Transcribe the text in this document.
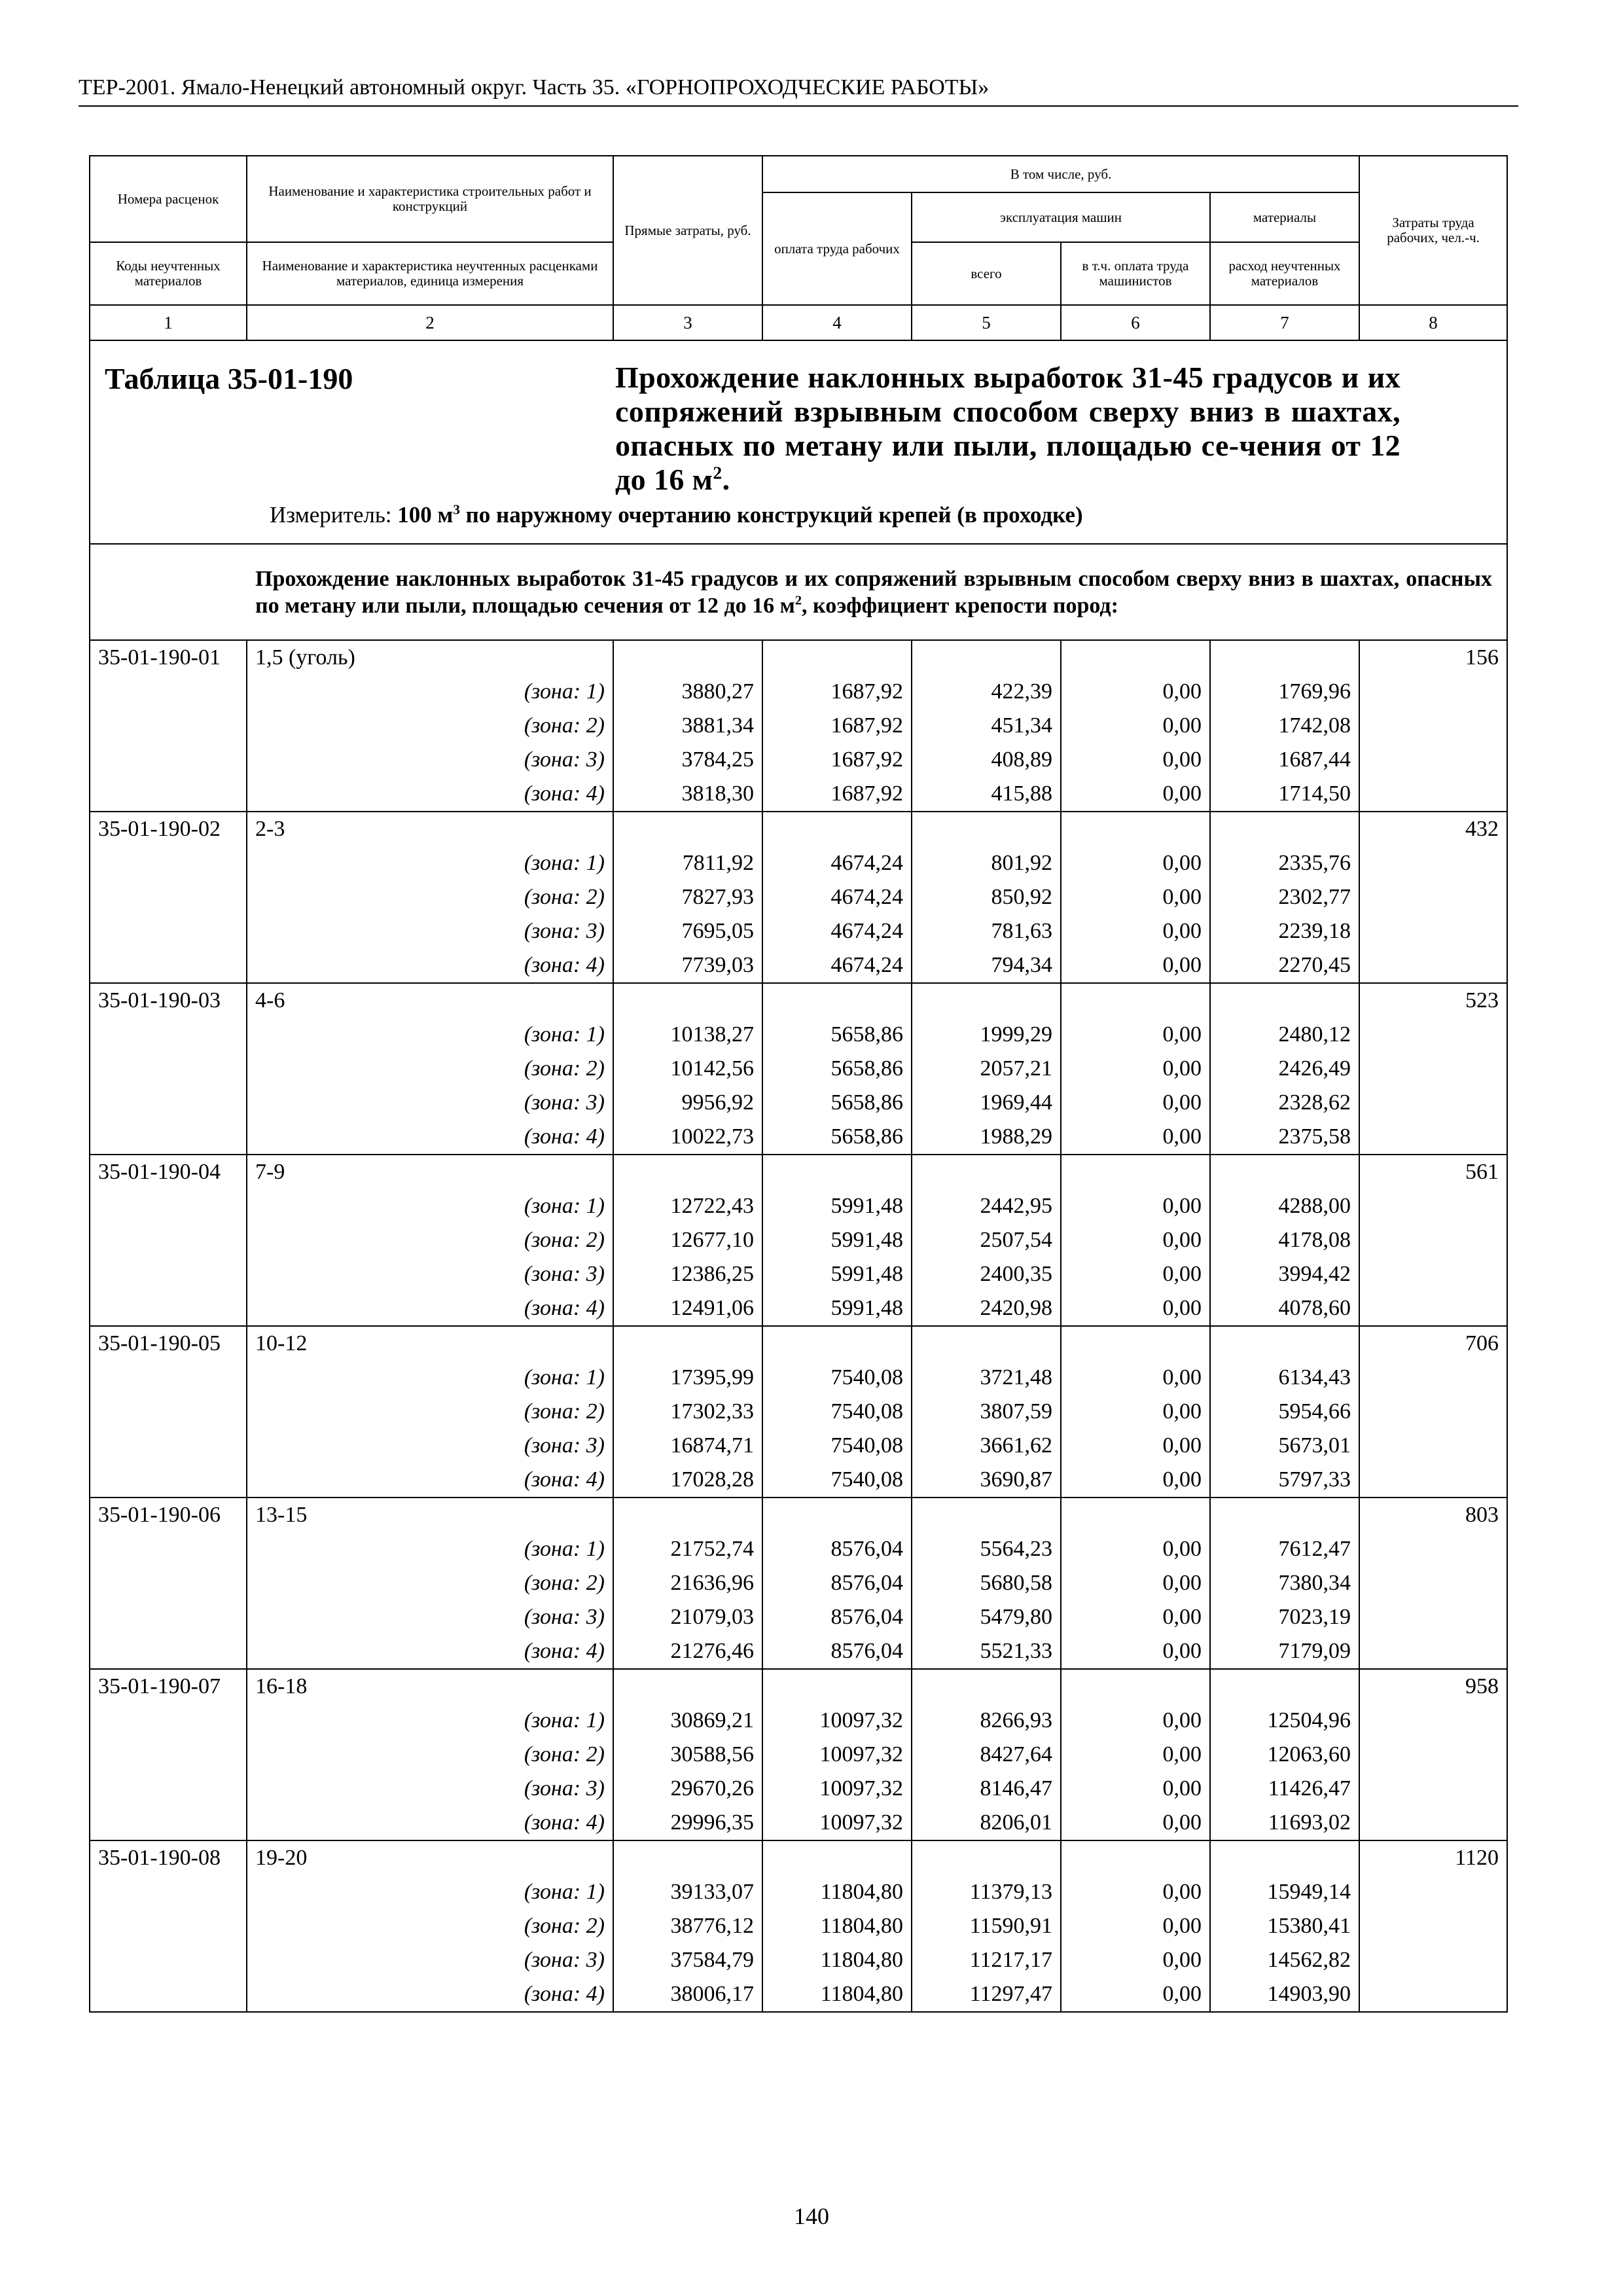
ТЕР-2001. Ямало-Ненецкий автономный округ. Часть 35. «ГОРНОПРОХОДЧЕСКИЕ РАБОТЫ»
Номера расценок	Наименование и характеристика строительных работ и конструкций	Прямые затраты, руб.	В том числе, руб.				Затраты труда рабочих, чел.-ч.
			оплата труда рабочих	эксплуатация машин		материалы	
Коды неучтенных материалов	Наименование и характеристика неучтенных расценками материалов, единица измерения			всего	в т.ч. оплата труда машинистов	расход неучтенных материалов	
1	2	3	4	5	6	7	8

Таблица 35-01-190 Прохождение наклонных выработок 31-45 градусов и их сопряжений взрывным способом сверху вниз в шахтах, опасных по метану или пыли, площадью се-чения от 12 до 16 $м^2$.
Измеритель: 100 $м^3$ по наружному очертанию конструкций крепей (в проходке)							

Прохождение наклонных выработок 31-45 градусов и их сопряжений взрывным способом сверху вниз в шахтах, опасных по метану или пыли, площадью сечения от 12 до 16 $м^2$, коэффициент крепости пород:							

35-01-190-01	1,5 (уголь)						156
	(зона: 1)	3880,27	1687,92	422,39	0,00	1769,96	
	(зона: 2)	3881,34	1687,92	451,34	0,00	1742,08	
	(зона: 3)	3784,25	1687,92	408,89	0,00	1687,44	
	(зона: 4)	3818,30	1687,92	415,88	0,00	1714,50	
35-01-190-02	2-3						432
	(зона: 1)	7811,92	4674,24	801,92	0,00	2335,76	
	(зона: 2)	7827,93	4674,24	850,92	0,00	2302,77	
	(зона: 3)	7695,05	4674,24	781,63	0,00	2239,18	
	(зона: 4)	7739,03	4674,24	794,34	0,00	2270,45	
35-01-190-03	4-6						523
	(зона: 1)	10138,27	5658,86	1999,29	0,00	2480,12	
	(зона: 2)	10142,56	5658,86	2057,21	0,00	2426,49	
	(зона: 3)	9956,92	5658,86	1969,44	0,00	2328,62	
	(зона: 4)	10022,73	5658,86	1988,29	0,00	2375,58	
35-01-190-04	7-9						561
	(зона: 1)	12722,43	5991,48	2442,95	0,00	4288,00	
	(зона: 2)	12677,10	5991,48	2507,54	0,00	4178,08	
	(зона: 3)	12386,25	5991,48	2400,35	0,00	3994,42	
	(зона: 4)	12491,06	5991,48	2420,98	0,00	4078,60	
35-01-190-05	10-12						706
	(зона: 1)	17395,99	7540,08	3721,48	0,00	6134,43	
	(зона: 2)	17302,33	7540,08	3807,59	0,00	5954,66	
	(зона: 3)	16874,71	7540,08	3661,62	0,00	5673,01	
	(зона: 4)	17028,28	7540,08	3690,87	0,00	5797,33	
35-01-190-06	13-15						803
	(зона: 1)	21752,74	8576,04	5564,23	0,00	7612,47	
	(зона: 2)	21636,96	8576,04	5680,58	0,00	7380,34	
	(зона: 3)	21079,03	8576,04	5479,80	0,00	7023,19	
	(зона: 4)	21276,46	8576,04	5521,33	0,00	7179,09	
35-01-190-07	16-18						958
	(зона: 1)	30869,21	10097,32	8266,93	0,00	12504,96	
	(зона: 2)	30588,56	10097,32	8427,64	0,00	12063,60	
	(зона: 3)	29670,26	10097,32	8146,47	0,00	11426,47	
	(зона: 4)	29996,35	10097,32	8206,01	0,00	11693,02	
35-01-190-08	19-20						1120
	(зона: 1)	39133,07	11804,80	11379,13	0,00	15949,14	
	(зона: 2)	38776,12	11804,80	11590,91	0,00	15380,41	
	(зона: 3)	37584,79	11804,80	11217,17	0,00	14562,82	
	(зона: 4)	38006,17	11804,80	11297,47	0,00	14903,90	
140
